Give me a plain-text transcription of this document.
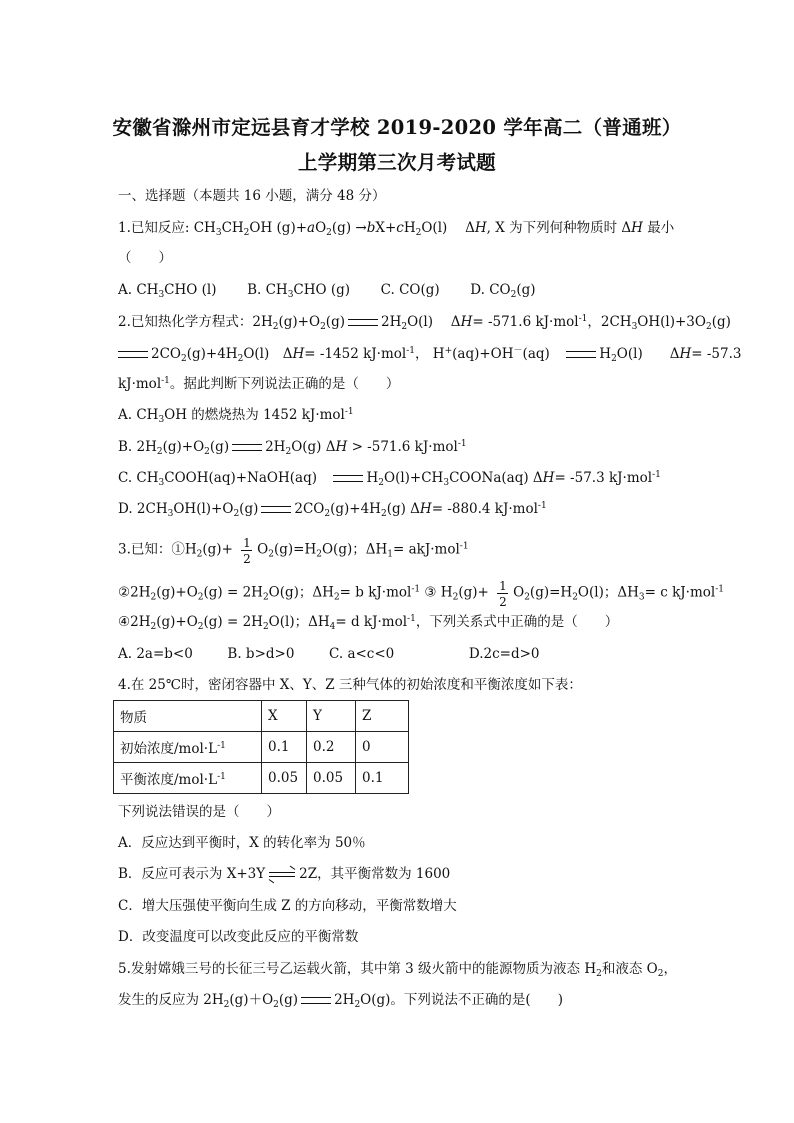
安徽省滁州市定远县育才学校 2019-2020 学年高二（普通班）
上学期第三次月考试题
一、选择题（本题共 16 小题，满分 48 分）
1.已知反应: $CH_3CH_2OH$ $(g)+aO_2(g) \to bX+cH_2O(l)$　 ΔH, X 为下列何种物质时 ΔH 最小
（　　）
A. $CH_3CHO$ (l) B. $CH_3CHO$ (g) C. CO(g) D. $CO_2(g)$
2.已知热化学方程式：$2H_2(g)+O_2(g)$	$2H_2O(l)$　 ΔH= -571.6 kJ·mol$^{-1}$，$2CH_3OH(l)+3O_2(g)$
$2CO_2(g)+4H_2O(l)$　ΔH= -1452 kJ·mol$^{-1}$， H+(aq)+OH－(aq)　	$H_2O(l)$　　ΔH= -57.3
kJ·mol$^{-1}$。据此判断下列说法正确的是（　　）
A. $CH_3OH$ 的燃烧热为 1452 kJ·mol$^{-1}$
B. $2H_2(g)+O_2(g)$	$2H_2O(g) \Delta H > -571.6$ kJ·mol$^{-1}$
C. $CH_3COOH(aq)+NaOH(aq)$　	$H_2O(l)+CH_3COONa(aq)$ ΔH= -57.3 kJ·mol$^{-1}$
D. $2CH_3OH(l)+O_2(g)$	$2CO_2(g)+4H_2(g)$ ΔH= -880.4 kJ·mol$^{-1}$
3.已知：$①H_2(g)+ \frac{1}{2} O_2(g)=H_2O(g)$；$\Delta H_1= akJ\cdot mol^{-1}$
$②2H_2(g)+O_2(g) = 2H_2O(g)$；$\Delta H_2= b$ kJ·mol$^{-1}$ ③ $H_2(g)+ \frac{1}{2} O_2(g)=H_2O(l)$；$\Delta H_3= c$ kJ·mol$^{-1}$
$④2H_2(g)+O_2(g) = 2H_2O(l)$；$\Delta H_4= d$ kJ·mol$^{-1}$，下列关系式中正确的是（　　）
A. 2a=b<0	B. b>d>0	C. a<c<0	D.2c=d>0
4.在 25℃时，密闭容器中 X、Y、Z 三种气体的初始浓度和平衡浓度如下表：
物质	X	Y	Z
初始浓度$/mol\cdot L^{-1}$	0.1	0.2	0
平衡浓度$/mol\cdot L^{-1}$	0.05	0.05	0.1
下列说法错误的是（　　）
A．反应达到平衡时，X 的转化率为 50％
B．反应可表示为 X+3Y ⇌ 2Z，其平衡常数为 1600
C．增大压强使平衡向生成 Z 的方向移动，平衡常数增大
D．改变温度可以改变此反应的平衡常数
5.发射嫦娥三号的长征三号乙运载火箭，其中第 3 级火箭中的能源物质为液态 $H_2$和液态 $O_2$，
发生的反应为 $2H_2(g)+O_2(g)$	$2H_2O(g)$。下列说法不正确的是(　　)
